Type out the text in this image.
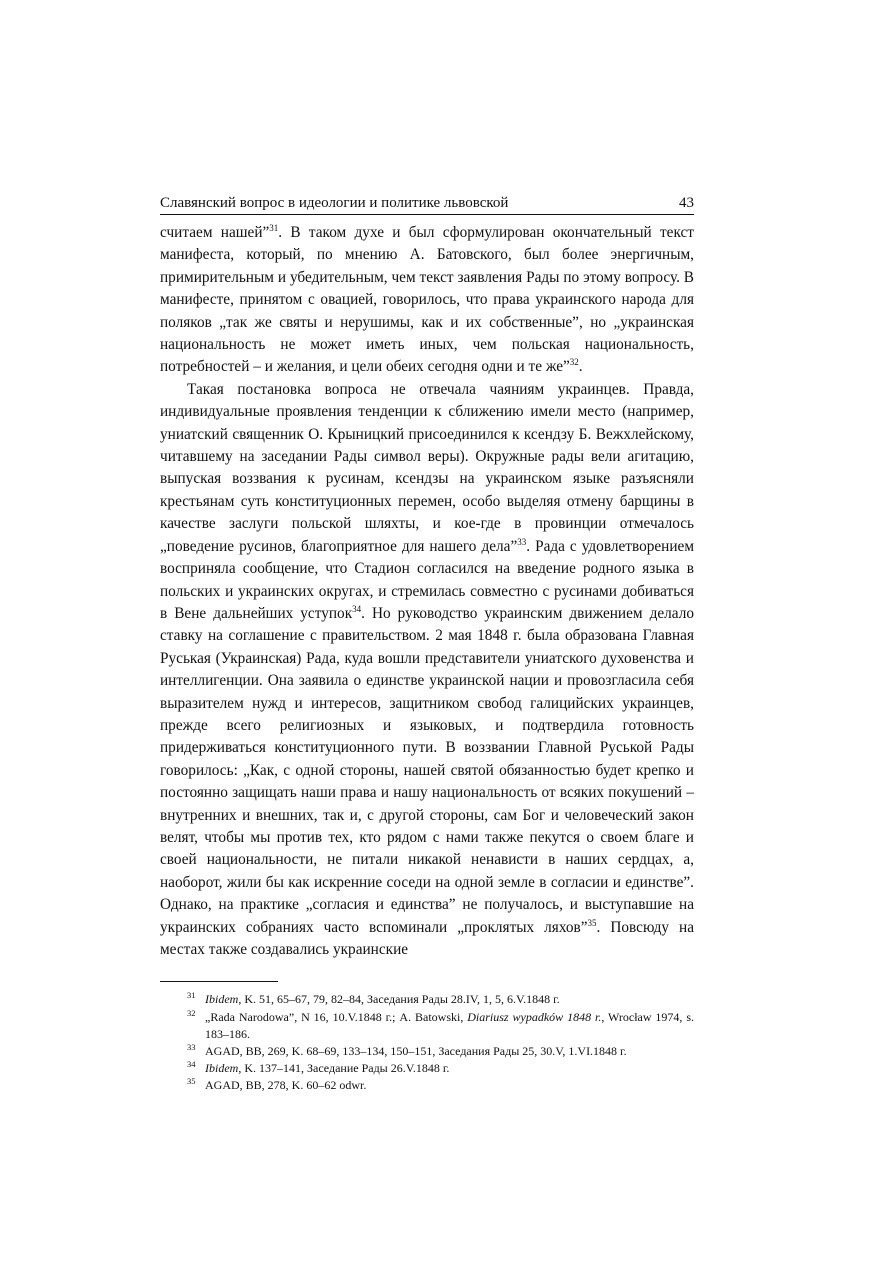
Славянский вопрос в идеологии и политике львовской	43

считаем нашей”$^{31}$. В таком духе и был сформулирован окончательный текст манифеста, который, по мнению А. Батовского, был более энергичным, примирительным и убедительным, чем текст заявления Рады по этому вопросу. В манифесте, принятом с овацией, говорилось, что права украинского народа для поляков „так же святы и нерушимы, как и их собственные”, но „украинская национальность не может иметь иных, чем польская национальность, потребностей – и желания, и цели обеих сегодня одни и те же”$^{32}$.

Такая постановка вопроса не отвечала чаяниям украинцев. Правда, индивидуальные проявления тенденции к сближению имели место (например, униатский священник О. Крыницкий присоединился к ксендзу Б. Вежхлейскому, читавшему на заседании Рады символ веры). Окружные рады вели агитацию, выпуская воззвания к русинам, ксендзы на украинском языке разъясняли крестьянам суть конституционных перемен, особо выделяя отмену барщины в качестве заслуги польской шляхты, и кое-где в провинции отмечалось „поведение русинов, благоприятное для нашего дела”$^{33}$. Рада с удовлетворением восприняла сообщение, что Стадион согласился на введение родного языка в польских и украинских округах, и стремилась совместно с русинами добиваться в Вене дальнейших уступок$^{34}$. Но руководство украинским движением делало ставку на соглашение с правительством. 2 мая 1848 г. была образована Главная Руськая (Украинская) Рада, куда вошли представители униатского духовенства и интеллигенции. Она заявила о единстве украинской нации и провозгласила себя выразителем нужд и интересов, защитником свобод галицийских украинцев, прежде всего религиозных и языковых, и подтвердила готовность придерживаться конституционного пути. В воззвании Главной Руськой Рады говорилось: „Как, с одной стороны, нашей святой обязанностью будет крепко и постоянно защищать наши права и нашу национальность от всяких покушений – внутренних и внешних, так и, с другой стороны, сам Бог и человеческий закон велят, чтобы мы против тех, кто рядом с нами также пекутся о своем благе и своей национальности, не питали никакой ненависти в наших сердцах, а, наоборот, жили бы как искренние соседи на одной земле в согласии и единстве”. Однако, на практике „согласия и единства” не получалось, и выступавшие на украинских собраниях часто вспоминали „проклятых ляхов”$^{35}$. Повсюду на местах также создавались украинские

$^{31}$ Ibidem, K. 51, 65–67, 79, 82–84, Заседания Рады 28.IV, 1, 5, 6.V.1848 г.
$^{32}$ „Rada Narodowa”, N 16, 10.V.1848 г.; A. Batowski, Diariusz wypadków 1848 r., Wrocław 1974, s. 183–186.
$^{33}$ AGAD, BB, 269, K. 68–69, 133–134, 150–151, Заседания Рады 25, 30.V, 1.VI.1848 г.
$^{34}$ Ibidem, K. 137–141, Заседание Рады 26.V.1848 г.
$^{35}$ AGAD, BB, 278, K. 60–62 odwr.
